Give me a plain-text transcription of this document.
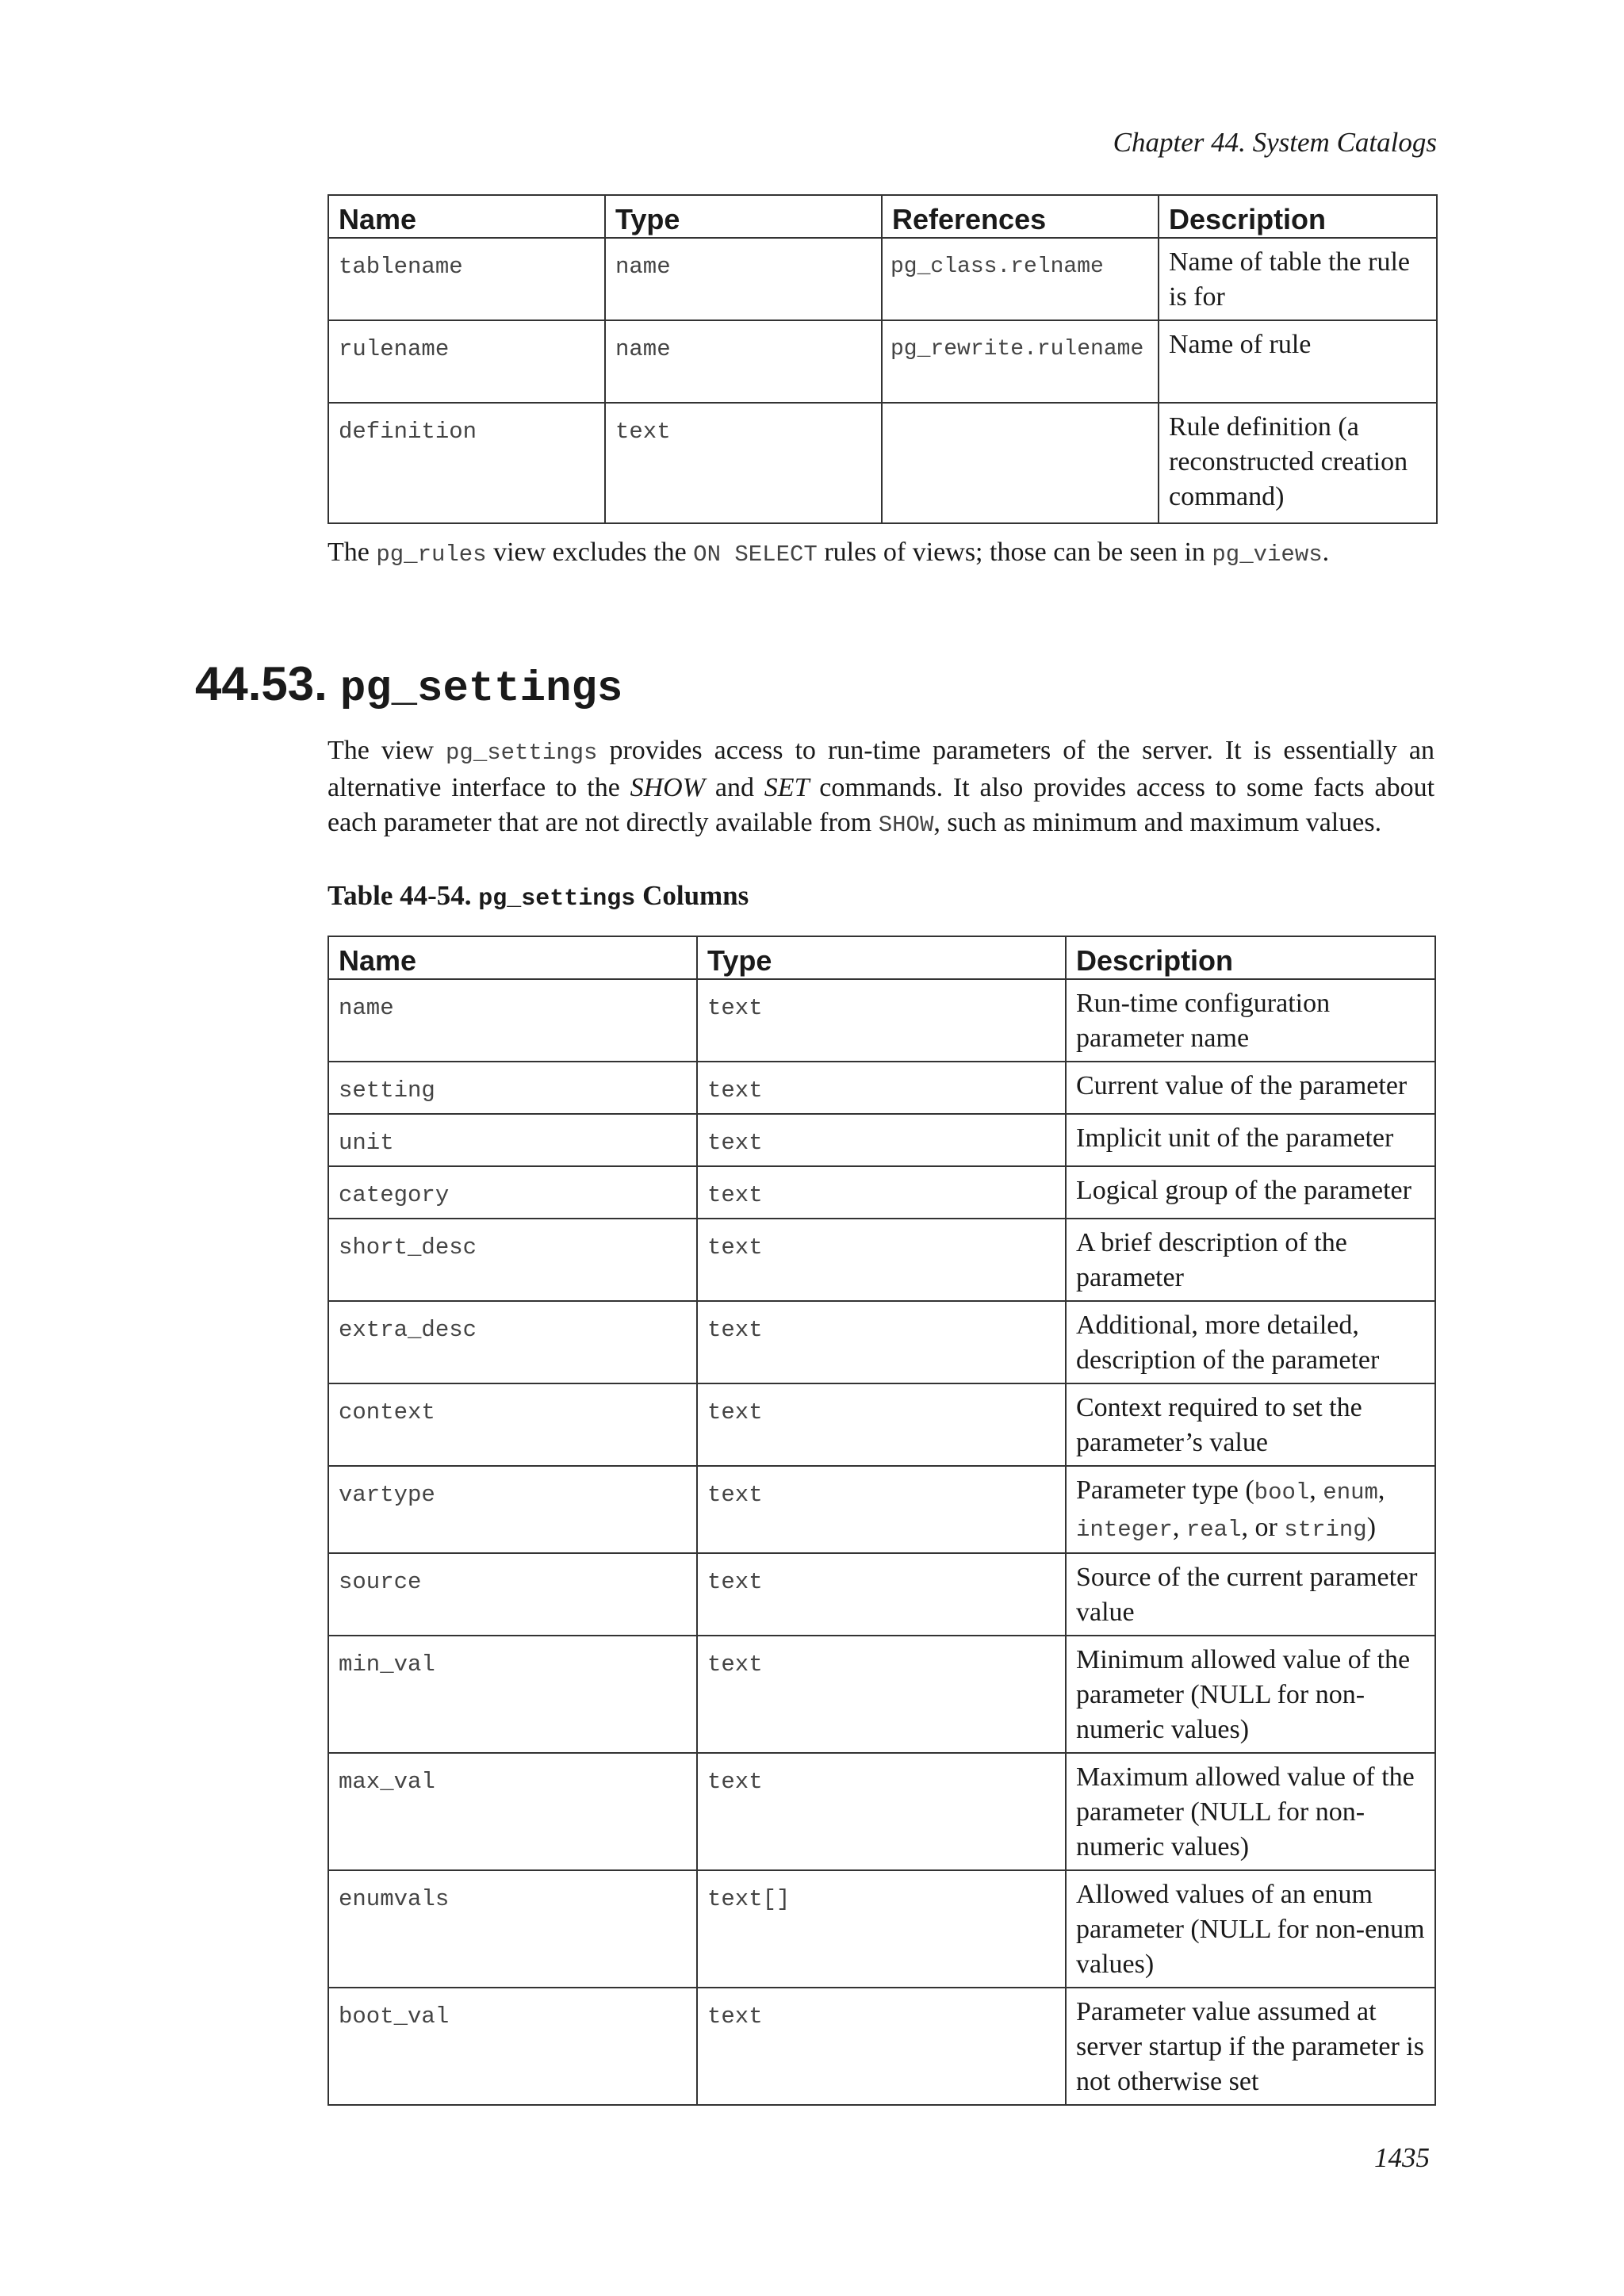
Chapter 44. System Catalogs
Name	Type	References	Description
tablename	name	pg_class.relname	Name of table the rule is for
rulename	name	pg_rewrite.rulename	Name of rule
definition	text		Rule definition (a reconstructed creation command)

The pg_rules view excludes the ON SELECT rules of views; those can be seen in pg_views.

44.53. pg_settings

The view pg_settings provides access to run-time parameters of the server. It is essentially an alternative interface to the SHOW and SET commands. It also provides access to some facts about each parameter that are not directly available from SHOW, such as minimum and maximum values.

Table 44-54. pg_settings Columns
Name	Type	Description
name	text	Run-time configuration parameter name
setting	text	Current value of the parameter
unit	text	Implicit unit of the parameter
category	text	Logical group of the parameter
short_desc	text	A brief description of the parameter
extra_desc	text	Additional, more detailed, description of the parameter
context	text	Context required to set the parameter’s value
vartype	text	Parameter type (bool, enum, integer, real, or string)
source	text	Source of the current parameter value
min_val	text	Minimum allowed value of the parameter (NULL for non-numeric values)
max_val	text	Maximum allowed value of the parameter (NULL for non-numeric values)
enumvals	text[]	Allowed values of an enum parameter (NULL for non-enum values)
boot_val	text	Parameter value assumed at server startup if the parameter is not otherwise set
1435
